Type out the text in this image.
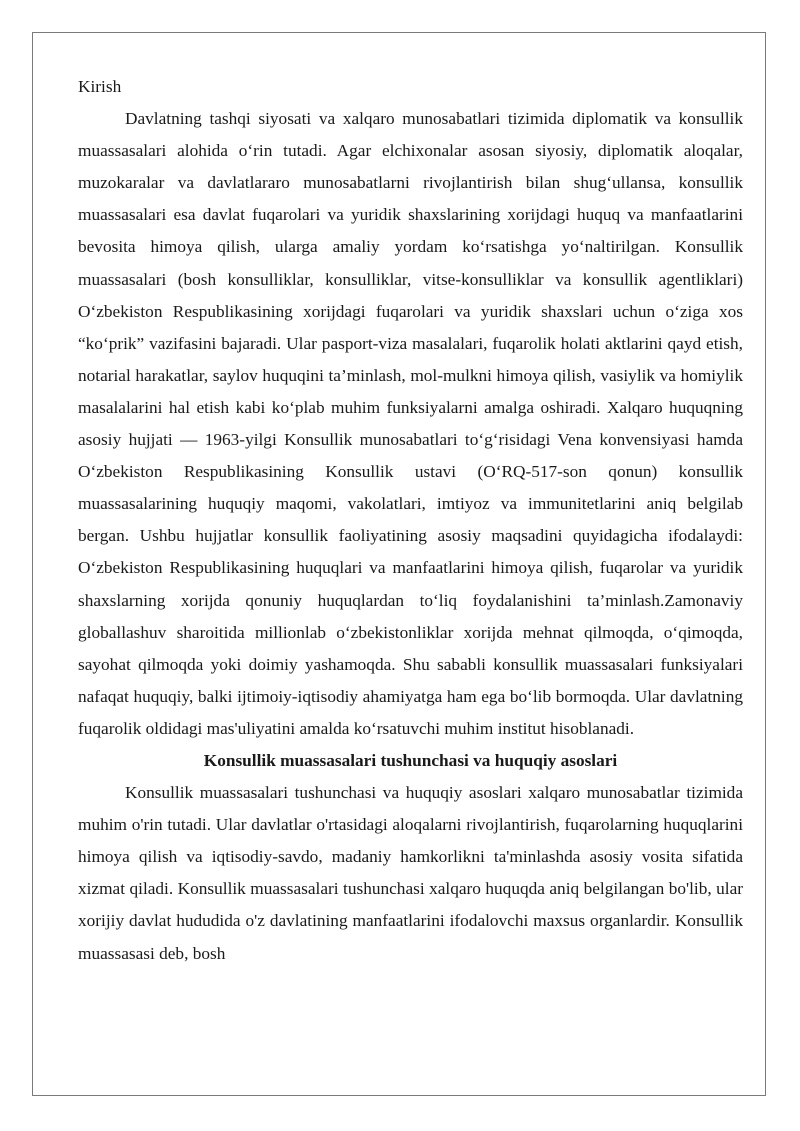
Kirish

Davlatning tashqi siyosati va xalqaro munosabatlari tizimida diplomatik va konsullik muassasalari alohida oʻrin tutadi. Agar elchixonalar asosan siyosiy, diplomatik aloqalar, muzokaralar va davlatlararo munosabatlarni rivojlantirish bilan shugʻullansa, konsullik muassasalari esa davlat fuqarolari va yuridik shaxslarining xorijdagi huquq va manfaatlarini bevosita himoya qilish, ularga amaliy yordam koʻrsatishga yoʻnaltirilgan. Konsullik muassasalari (bosh konsulliklar, konsulliklar, vitse-konsulliklar va konsullik agentliklari) Oʻzbekiston Respublikasining xorijdagi fuqarolari va yuridik shaxslari uchun oʻziga xos “koʻprik” vazifasini bajaradi. Ular pasport-viza masalalari, fuqarolik holati aktlarini qayd etish, notarial harakatlar, saylov huquqini ta’minlash, mol-mulkni himoya qilish, vasiylik va homiylik masalalarini hal etish kabi koʻplab muhim funksiyalarni amalga oshiradi. Xalqaro huquqning asosiy hujjati — 1963-yilgi Konsullik munosabatlari toʻgʻrisidagi Vena konvensiyasi hamda Oʻzbekiston Respublikasining Konsullik ustavi (OʻRQ-517-son qonun) konsullik muassasalarining huquqiy maqomi, vakolatlari, imtiyoz va immunitetlarini aniq belgilab bergan. Ushbu hujjatlar konsullik faoliyatining asosiy maqsadini quyidagicha ifodalaydi: Oʻzbekiston Respublikasining huquqlari va manfaatlarini himoya qilish, fuqarolar va yuridik shaxslarning xorijda qonuniy huquqlardan toʻliq foydalanishini ta’minlash.Zamonaviy globallashuv sharoitida millionlab oʻzbekistonliklar xorijda mehnat qilmoqda, oʻqimoqda, sayohat qilmoqda yoki doimiy yashamoqda. Shu sababli konsullik muassasalari funksiyalari nafaqat huquqiy, balki ijtimoiy-iqtisodiy ahamiyatga ham ega boʻlib bormoqda. Ular davlatning fuqarolik oldidagi mas'uliyatini amalda koʻrsatuvchi muhim institut hisoblanadi.

Konsullik muassasalari tushunchasi va huquqiy asoslari

Konsullik muassasalari tushunchasi va huquqiy asoslari xalqaro munosabatlar tizimida muhim o'rin tutadi. Ular davlatlar o'rtasidagi aloqalarni rivojlantirish, fuqarolarning huquqlarini himoya qilish va iqtisodiy-savdo, madaniy hamkorlikni ta'minlashda asosiy vosita sifatida xizmat qiladi. Konsullik muassasalari tushunchasi xalqaro huquqda aniq belgilangan bo'lib, ular xorijiy davlat hududida o'z davlatining manfaatlarini ifodalovchi maxsus organlardir. Konsullik muassasasi deb, bosh
